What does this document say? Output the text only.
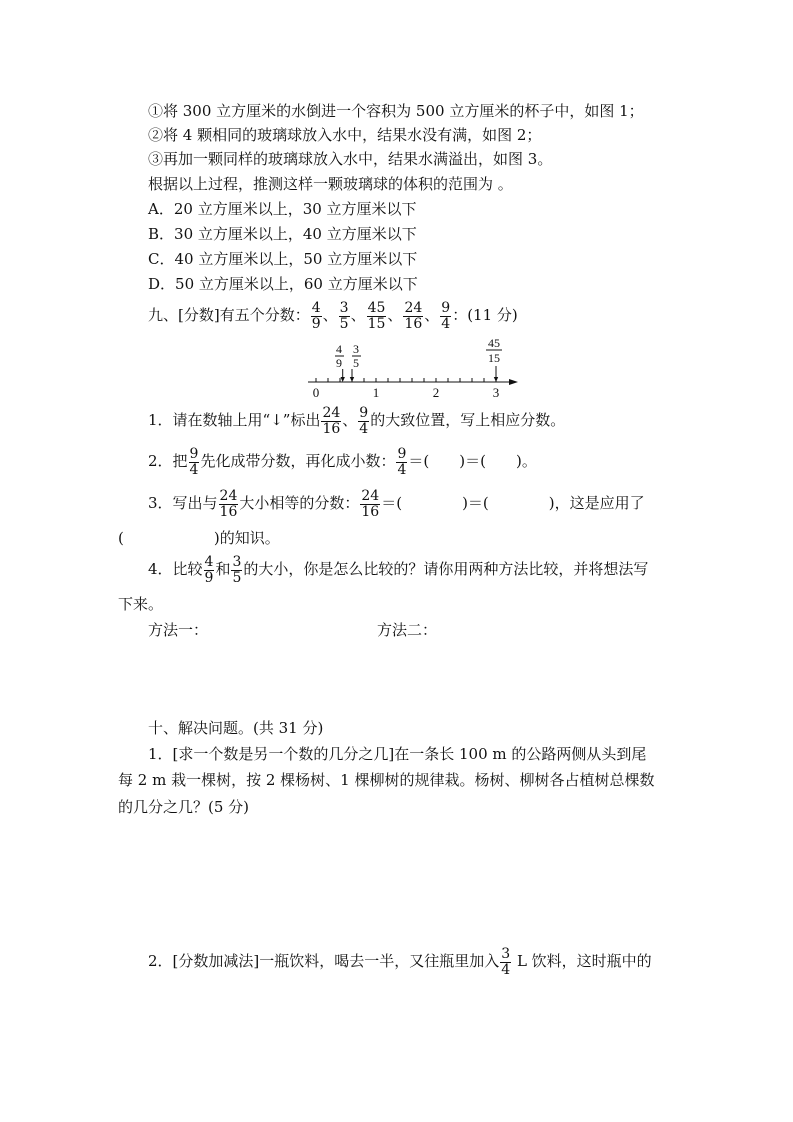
①将 300 立方厘米的水倒进一个容积为 500 立方厘米的杯子中，如图 1；
②将 4 颗相同的玻璃球放入水中，结果水没有满，如图 2；
③再加一颗同样的玻璃球放入水中，结果水满溢出，如图 3。
根据以上过程，推测这样一颗玻璃球的体积的范围为 。
A．20 立方厘米以上，30 立方厘米以下
B．30 立方厘米以上，40 立方厘米以下
C．40 立方厘米以上，50 立方厘米以下
D．50 立方厘米以上，60 立方厘米以下
九、[分数]有五个分数： $\frac{4}{9}$ 、 $\frac{3}{5}$ 、 $\frac{45}{15}$ 、 $\frac{24}{16}$ 、 $\frac{9}{4}$ ：(11 分)
0	1	2	3
4
9
3
5
45
15
1．请在数轴上用“↓”标出 $\frac{24}{16}$ 、 $\frac{9}{4}$ 的大致位置，写上相应分数。
2．把 $\frac{9}{4}$ 先化成带分数，再化成小数： $\frac{9}{4}$ ＝(　　)＝(　　)。
3．写出与 $\frac{24}{16}$ 大小相等的分数： $\frac{24}{16}$ ＝(　　　　)＝(　　　　)，这是应用了
(　　　　　　)的知识。
4．比较 $\frac{4}{9}$ 和 $\frac{3}{5}$ 的大小，你是怎么比较的？请你用两种方法比较，并将想法写
下来。
方法一：	方法二：
十、解决问题。(共 31 分)
1．[求一个数是另一个数的几分之几]在一条长 100 m 的公路两侧从头到尾
每 2 m 栽一棵树，按 2 棵杨树、1 棵柳树的规律栽。杨树、柳树各占植树总棵数
的几分之几？(5 分)
2．[分数加减法]一瓶饮料，喝去一半，又往瓶里加入 $\frac{3}{4}$ L 饮料，这时瓶中的
